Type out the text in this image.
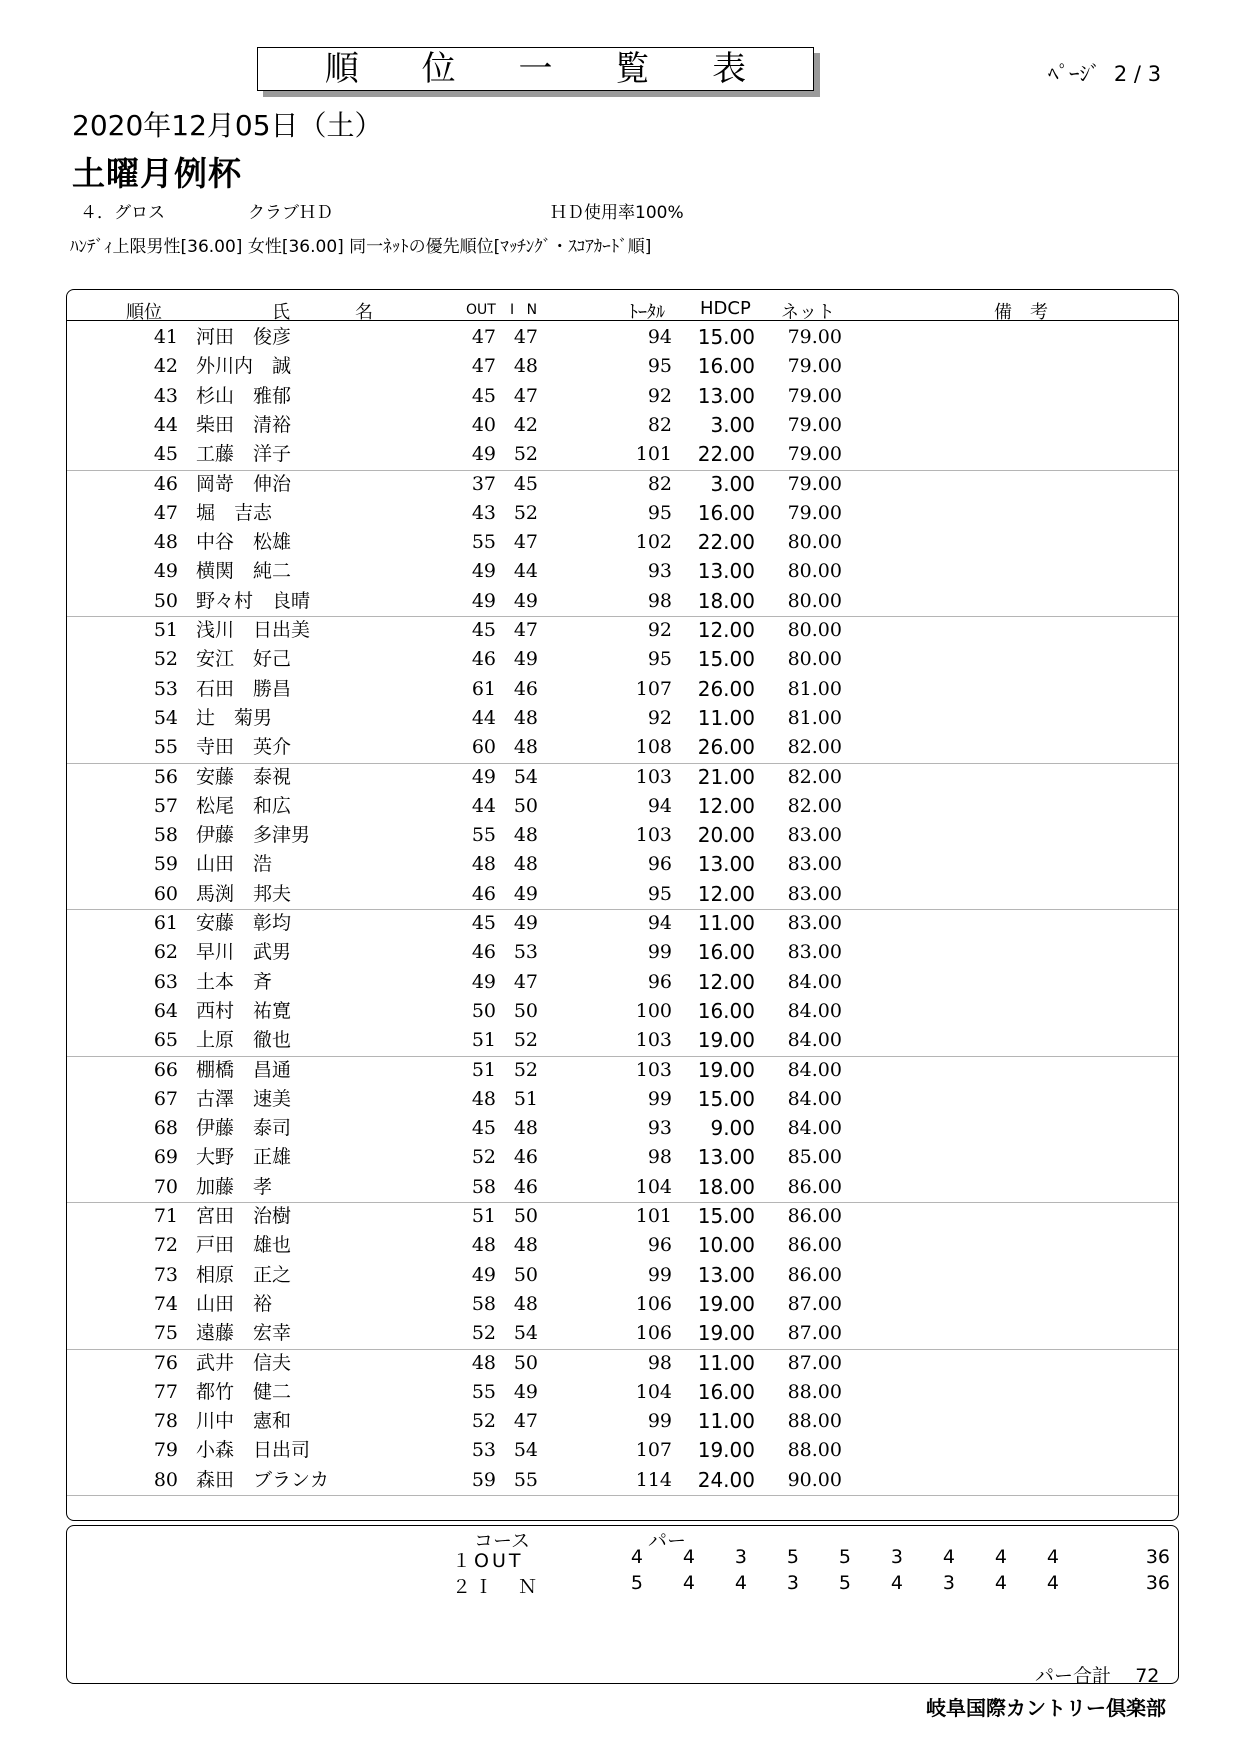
順 位 一 覧 表	ﾍﾟｰｼﾞ 2 / 3
2020年12月05日（土）
土曜月例杯

４．グロス

	クラブＨＤ

	ＨＤ使用率100%

ﾊﾝﾃﾞｨ上限男性[36.00] 女性[36.00] 同一ﾈｯﾄの優先順位[ﾏｯﾁﾝｸﾞ・ｽｺｱｶｰﾄﾞ順]
順位	氏	名	OUT I N	ﾄｰﾀﾙ HDCP ネット	備　考
41 河田　俊彦	47 47	94	15.00	79.00
42 外川内　誠	47 48	95	16.00	79.00
43 杉山　雅郁	45 47	92	13.00	79.00
44 柴田　清裕	40 42	82	3.00	79.00
45 工藤　洋子	49 52	101	22.00	79.00
46 岡嵜　伸治	37 45	82	3.00	79.00
47 堀　吉志	43 52	95	16.00	79.00
48 中谷　松雄	55 47	102	22.00	80.00
49 横関　純二	49 44	93	13.00	80.00
50 野々村　良晴	49 49	98	18.00	80.00
51 浅川　日出美	45 47	92	12.00	80.00
52 安江　好己	46 49	95	15.00	80.00
53 石田　勝昌	61 46	107	26.00	81.00
54 辻　菊男	44 48	92	11.00	81.00
55 寺田　英介	60 48	108	26.00	82.00
56 安藤　泰視	49 54	103	21.00	82.00
57 松尾　和広	44 50	94	12.00	82.00
58 伊藤　多津男	55 48	103	20.00	83.00
59 山田　浩	48 48	96	13.00	83.00
60 馬渕　邦夫	46 49	95	12.00	83.00
61 安藤　彰均	45 49	94	11.00	83.00
62 早川　武男	46 53	99	16.00	83.00
63 土本　斉	49 47	96	12.00	84.00
64 西村　祐寛	50 50	100	16.00	84.00
65 上原　徹也	51 52	103	19.00	84.00
66 棚橋　昌通	51 52	103	19.00	84.00
67 古澤　速美	48 51	99	15.00	84.00
68 伊藤　泰司	45 48	93	9.00	84.00
69 大野　正雄	52 46	98	13.00	85.00
70 加藤　孝	58 46	104	18.00	86.00
71 宮田　治樹	51 50	101	15.00	86.00
72 戸田　雄也	48 48	96	10.00	86.00
73 相原　正之	49 50	99	13.00	86.00
74 山田　裕	58 48	106	19.00	87.00
75 遠藤　宏幸	52 54	106	19.00	87.00
76 武井　信夫	48 50	98	11.00	87.00
77 都竹　健二	55 49	104	16.00	88.00
78 川中　憲和	52 47	99	11.00	88.00
79 小森　日出司	53 54	107	19.00	88.00
80 森田　ブランカ	59 55	114	24.00	90.00
コース	パー
１OUT	4	4	3	5	5	3	4	4	4	36
２Ｉ　Ｎ	5	4	4	3	5	4	3	4	4	36
パー合計 72
岐阜国際カントリー倶楽部
